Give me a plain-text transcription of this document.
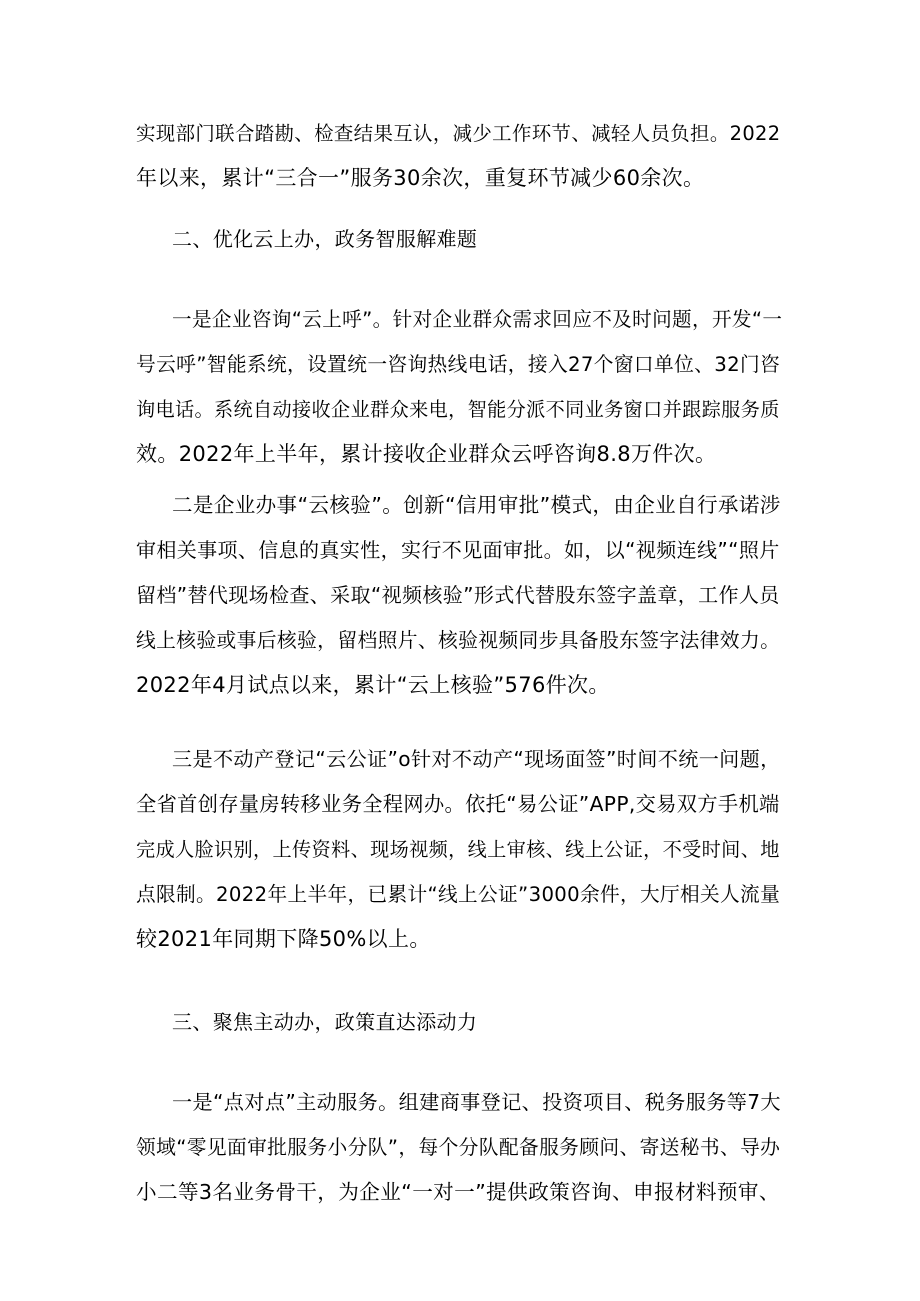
实现部门联合踏勘、检查结果互认，减少工作环节、减轻人员负担。2022
年以来，累计“三合一”服务30余次，重复环节减少60余次。
二、优化云上办，政务智服解难题
一是企业咨询“云上呼”。针对企业群众需求回应不及时问题，开发“一
号云呼”智能系统，设置统一咨询热线电话，接入27个窗口单位、32门咨
询电话。系统自动接收企业群众来电，智能分派不同业务窗口并跟踪服务质
效。2022年上半年，累计接收企业群众云呼咨询8.8万件次。
二是企业办事“云核验”。创新“信用审批”模式，由企业自行承诺涉
审相关事项、信息的真实性，实行不见面审批。如，以“视频连线”“照片
留档”替代现场检查、采取“视频核验”形式代替股东签字盖章，工作人员
线上核验或事后核验，留档照片、核验视频同步具备股东签字法律效力。
2022年4月试点以来，累计“云上核验”576件次。
三是不动产登记“云公证”o针对不动产“现场面签”时间不统一问题，
全省首创存量房转移业务全程网办。依托“易公证”APP,交易双方手机端
完成人脸识别，上传资料、现场视频，线上审核、线上公证，不受时间、地
点限制。2022年上半年，已累计“线上公证”3000余件，大厅相关人流量
较2021年同期下降50%以上。
三、聚焦主动办，政策直达添动力
一是“点对点”主动服务。组建商事登记、投资项目、税务服务等7大
领域“零见面审批服务小分队”，每个分队配备服务顾问、寄送秘书、导办
小二等3名业务骨干，为企业“一对一”提供政策咨询、申报材料预审、
